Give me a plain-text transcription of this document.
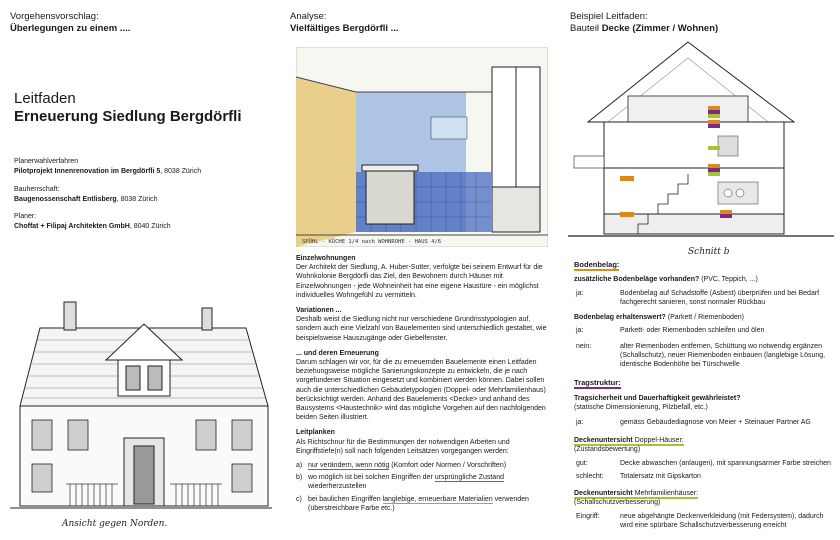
Vorgehensvorschlag:
Überlegungen zu einem ....
Leitfaden
Erneuerung Siedlung Bergdörfli
Planerwahlverfahren
Pilotprojekt Innenrenovation im Bergdörfli 5, 8038 Zürich
Bauherrschaft:
Baugenossenschaft Entlisberg, 8038 Zürich
Planer:
Choffat + Filipaj Architekten GmbH, 8040 Zürich
Ansicht gegen Norden.
Analyse:
Vielfältiges Bergdörfli ...
SPÜHL - KÜCHE 1/4 nach WOHNROHE - HAUS 4/6
Einzelwohnungen

Der Architekt der Siedlung, A. Huber-Sutter, verfolgte bei seinem Entwurf für die Wohnkolonie Bergdörfli das Ziel, den Bewohnern durch Häuser mit Einzelwohnungen - jede Wohneinheit hat eine eigene Haustüre - ein möglichst individuelles Wohngefühl zu vermitteln.

Variationen ...

Deshalb weist die Siedlung nicht nur verschiedene Grundrisstypologien auf, sondern auch eine Vielzahl von Bauelementen sind unterschiedlich gestaltet, wie beispielsweise Hauszugänge oder Giebelfenster.

... und deren Erneuerung

Darum schlagen wir vor, für die zu erneuernden Bauelemente einen Leitfaden beziehungsweise mögliche Sanierungskonzepte zu entwickeln, die je nach vorgefundener Situation eingesetzt und kombiniert werden können. Dabei sollen auch die unterschiedlichen Gebäudetypologien (Doppel- oder Mehrfamilienhaus) berücksichtigt werden. Anhand des Bauelements <Decke> und anhand des Bausystems <Haustechnik> wird das mögliche Vorgehen auf den nachfolgenden beiden Seiten illustriert.

Leitplanken

Als Richtschnur für die Bestimmungen der notwendigen Arbeiten und Eingriffstiefe(n) soll nach folgenden Leitsätzen vorgegangen werden:

a) nur verändern, wenn nötig (Komfort oder Normen / Vorschriften)
b) wo möglich ist bei solchen Eingriffen der ursprüngliche Zustand wiederherzustellen
c) bei baulichen Eingriffen langlebige, erneuerbare Materialien verwenden (überstreichbare Farbe etc.)
Beispiel Leitfaden:
Bauteil Decke (Zimmer / Wohnen)
Schnitt b
Bodenbelag:
zusätzliche Bodenbeläge vorhanden? (PVC, Teppich, ...)
ja:	Bodenbelag auf Schadstoffe (Asbest) überprüfen und bei Bedarf fachgerecht sanieren, sonst normaler Rückbau
Bodenbelag erhaltenswert? (Parkett / Riemenboden)
ja:	Parkett- oder Riemenboden schleifen und ölen
nein:	alter Riemenboden entfernen, Schüttung wo notwendig ergänzen (Schallschutz), neuer Riemenboden einbauen (langlebige Lösung, identische Bodenhöhe bei Türschwelle
Tragstruktur:
Tragsicherheit und Dauerhaftigkeit gewährleistet?
(statische Dimensionierung, Pilzbefall, etc.)
ja:	gemäss Gebäudediagnose von Meier + Steinauer Partner AG
Deckenuntersicht Doppel-Häuser:
(Zustandsbewertung)
gut:	Decke abwaschen (anlaugen), mit spannungsarmer Farbe streichen
schlecht: Totalersatz mit Gipskarton
Deckenuntersicht Mehrfamilienhäuser:
(Schallschutzverbesserung)
Eingriff:	neue abgehängte Deckenverkleidung (mit Federsystem), dadurch wird eine spürbare Schallschutzverbesserung erreicht
